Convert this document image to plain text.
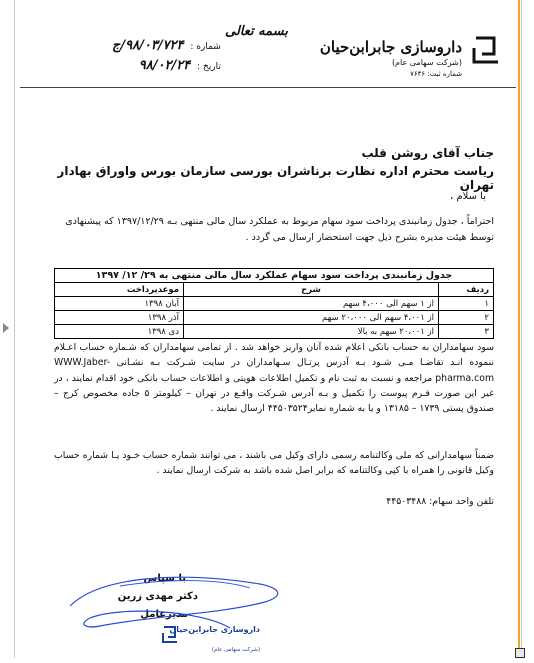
داروسازی جابرابن‌حیان
(شرکت سهامی عام)
شماره ثبت: ۷۶۴۶
بسمه تعالی
شماره : ۹۸/۰۳/۷۲۴/ج
تاریخ : ۹۸/۰۲/۲۴
جناب آقای روشن قلب
ریاست محترم اداره نظارت برناشران بورسی سازمان بورس واوراق بهادار تهران
با سلام ،
احتراماً ، جدول زمانبندی پرداخت سود سهام مربوط به عملکرد سال مالی منتهی بـه ۱۳۹۷/۱۲/۲۹ که پیشنهادی توسط هیئت مدیره بشرح ذیل جهت استحضار ارسال می گردد .
جدول زمانبندی پرداخت سود سهام عملکرد سال مالی منتهی به ۲۹/ ۱۲/ ۱۳۹۷		
ردیف	شرح	موعدپرداخت
۱	از ۱ سهم الی ۴،۰۰۰ سهم	آبان ۱۳۹۸
۲	از ۴،۰۰۱ سهم الی ۲۰،۰۰۰ سهم	آذر ۱۳۹۸
۳	از ۲۰،۰۰۱ سهم به بالا	دی ۱۳۹۸
سود سهامداران به حساب بانکی اعلام شده آنان واریز خواهد شد . از تمامی سهامداران که شـماره حساب اعـلام ننموده انـد تقاضـا مـی شـود بـه آدرس پرتـال سـهامداران در سایت شـرکت بـه نشـانی WWW.Jaber-pharma.com مراجعه و نسبت به ثبت نام و تکمیل اطلاعات هویتی و اطلاعات حساب بانکی خود اقدام نمایند ، در غیر این صورت فـرم پیوست را تکمیل و بـه آدرس شـرکت واقـع در تهران – کیلومتر ۵ جاده مخصوص کرج – صندوق پستی ۱۷۳۹ – ۱۳۱۸۵ و یا به شماره نمابر۴۴۵۰۳۵۲۴ ارسال نمایند .
ضمناً سهامدارانی که ملی وکالتنامه رسمی دارای وکیل می باشند ، می توانند شماره حساب خـود یـا شماره حساب وکیل قانونی را همراه با کپی وکالتنامه که برابر اصل شده باشد به شرکت ارسال نمایند .
تلفن واحد سهام: ۴۴۵۰۳۴۸۸
با سپاس
دکتر مهدی زرین
مدیرعامل
داروسازی جابرابن‌حیان
(شرکت سهامی عام)
